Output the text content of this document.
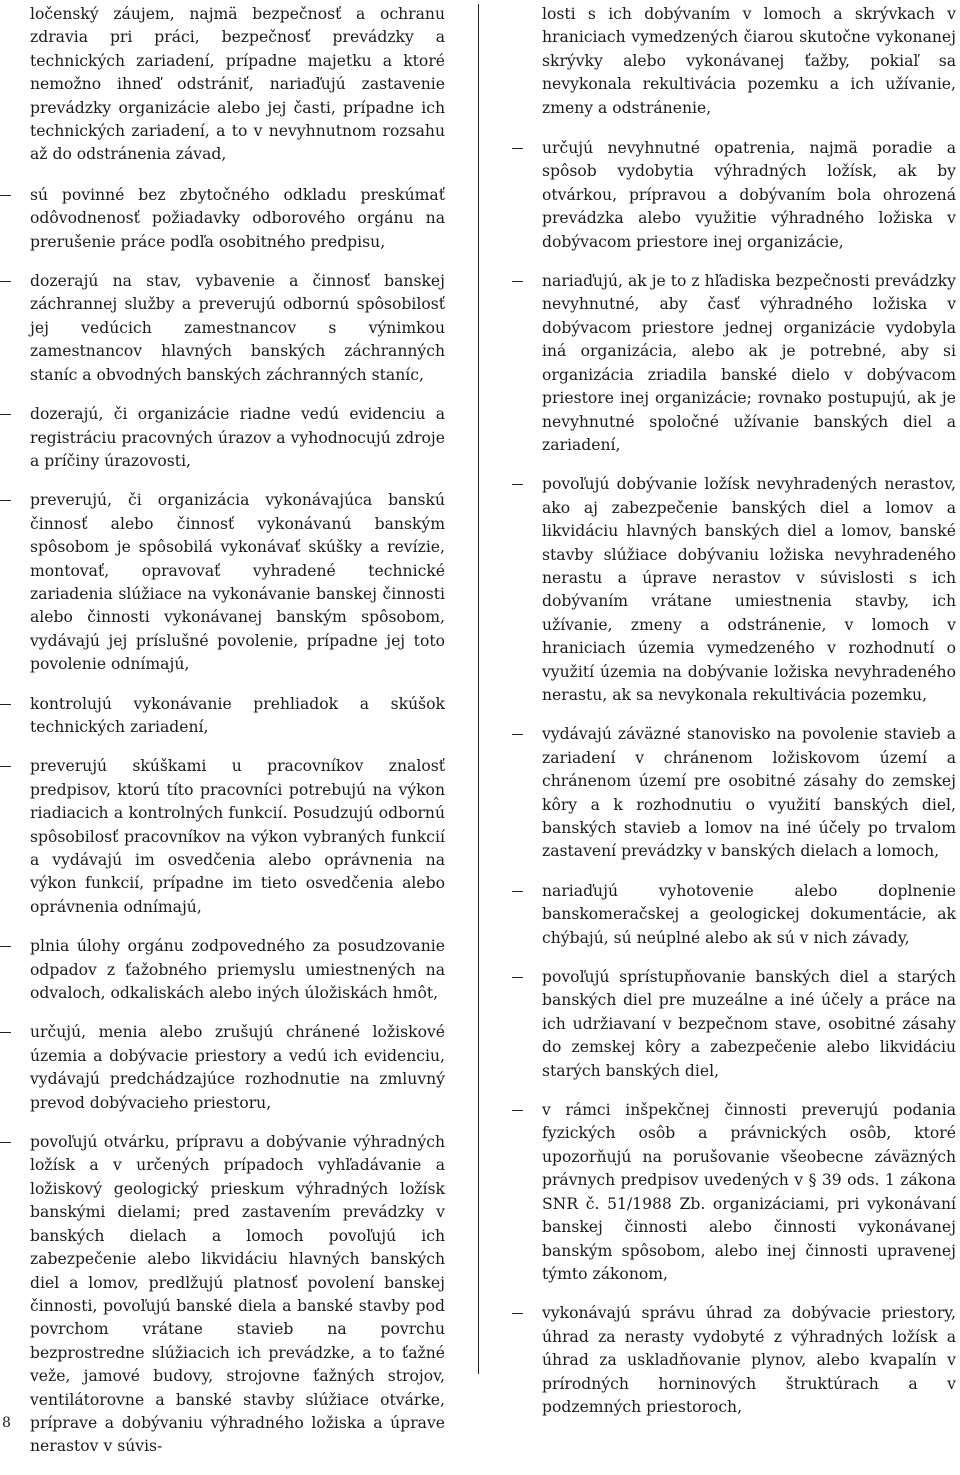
ločenský záujem, najmä bezpečnosť a ochranu zdravia pri práci, bezpečnosť prevádzky a technických zariadení, prípadne majetku a ktoré nemožno ihneď odstrániť, nariaďujú zastavenie prevádzky organizácie alebo jej časti, prípadne ich technických zariadení, a to v nevyhnutnom rozsahu až do odstránenia závad,

sú povinné bez zbytočného odkladu preskúmať odôvodnenosť požiadavky odborového orgánu na prerušenie práce podľa osobitného predpisu,
dozerajú na stav, vybavenie a činnosť banskej záchrannej služby a preverujú odbornú spôsobilosť jej vedúcich zamestnancov s výnimkou zamestnancov hlavných banských záchranných staníc a obvodných banských záchranných staníc,
dozerajú, či organizácie riadne vedú evidenciu a registráciu pracovných úrazov a vyhodnocujú zdroje a príčiny úrazovosti,
preverujú, či organizácia vykonávajúca banskú činnosť alebo činnosť vykonávanú banským spôsobom je spôsobilá vykonávať skúšky a revízie, montovať, opravovať vyhradené technické zariadenia slúžiace na vykonávanie banskej činnosti alebo činnosti vykonávanej banským spôsobom, vydávajú jej príslušné povolenie, prípadne jej toto povolenie odnímajú,
kontrolujú vykonávanie prehliadok a skúšok technických zariadení,
preverujú skúškami u pracovníkov znalosť predpisov, ktorú títo pracovníci potrebujú na výkon riadiacich a kontrolných funkcií. Posudzujú odbornú spôsobilosť pracovníkov na výkon vybraných funkcií a vydávajú im osvedčenia alebo oprávnenia na výkon funkcií, prípadne im tieto osvedčenia alebo oprávnenia odnímajú,
plnia úlohy orgánu zodpovedného za posudzovanie odpadov z ťažobného priemyslu umiestnených na odvaloch, odkaliskách alebo iných úložiskách hmôt,
určujú, menia alebo zrušujú chránené ložiskové územia a dobývacie priestory a vedú ich evidenciu, vydávajú predchádzajúce rozhodnutie na zmluvný prevod dobývacieho priestoru,
povoľujú otvárku, prípravu a dobývanie výhradných ložísk a v určených prípadoch vyhľadávanie a ložiskový geologický prieskum výhradných ložísk banskými dielami; pred zastavením prevádzky v banských dielach a lomoch povoľujú ich zabezpečenie alebo likvidáciu hlavných banských diel a lomov, predlžujú platnosť povolení banskej činnosti, povoľujú banské diela a banské stavby pod povrchom vrátane stavieb na povrchu bezprostredne slúžiacich ich prevádzke, a to ťažné veže, jamové budovy, strojovne ťažných strojov, ventilátorovne a banské stavby slúžiace otvárke, príprave a dobývaniu výhradného ložiska a úprave nerastov v súvis-

losti s ich dobývaním v lomoch a skrývkach v hraniciach vymedzených čiarou skutočne vykonanej skrývky alebo vykonávanej ťažby, pokiaľ sa nevykonala rekultivácia pozemku a ich užívanie, zmeny a odstránenie,

určujú nevyhnutné opatrenia, najmä poradie a spôsob vydobytia výhradných ložísk, ak by otvárkou, prípravou a dobývaním bola ohrozená prevádzka alebo využitie výhradného ložiska v dobývacom priestore inej organizácie,
nariaďujú, ak je to z hľadiska bezpečnosti prevádzky nevyhnutné, aby časť výhradného ložiska v dobývacom priestore jednej organizácie vydobyla iná organizácia, alebo ak je potrebné, aby si organizácia zriadila banské dielo v dobývacom priestore inej organizácie; rovnako postupujú, ak je nevyhnutné spoločné užívanie banských diel a zariadení,
povoľujú dobývanie ložísk nevyhradených nerastov, ako aj zabezpečenie banských diel a lomov a likvidáciu hlavných banských diel a lomov, banské stavby slúžiace dobývaniu ložiska nevyhradeného nerastu a úprave nerastov v súvislosti s ich dobývaním vrátane umiestnenia stavby, ich užívanie, zmeny a odstránenie, v lomoch v hraniciach územia vymedzeného v rozhodnutí o využití územia na dobývanie ložiska nevyhradeného nerastu, ak sa nevykonala rekultivácia pozemku,
vydávajú záväzné stanovisko na povolenie stavieb a zariadení v chránenom ložiskovom území a chránenom území pre osobitné zásahy do zemskej kôry a k rozhodnutiu o využití banských diel, banských stavieb a lomov na iné účely po trvalom zastavení prevádzky v banských dielach a lomoch,
nariaďujú vyhotovenie alebo doplnenie banskomeračskej a geologickej dokumentácie, ak chýbajú, sú neúplné alebo ak sú v nich závady,
povoľujú sprístupňovanie banských diel a starých banských diel pre muzeálne a iné účely a práce na ich udržiavaní v bezpečnom stave, osobitné zásahy do zemskej kôry a zabezpečenie alebo likvidáciu starých banských diel,
v rámci inšpekčnej činnosti preverujú podania fyzických osôb a právnických osôb, ktoré upozorňujú na porušovanie všeobecne záväzných právnych predpisov uvedených v § 39 ods. 1 zákona SNR č. 51/1988 Zb. organizáciami, pri vykonávaní banskej činnosti alebo činnosti vykonávanej banským spôsobom, alebo inej činnosti upravenej týmto zákonom,
vykonávajú správu úhrad za dobývacie priestory, úhrad za nerasty vydobyté z výhradných ložísk a úhrad za uskladňovanie plynov, alebo kvapalín v prírodných horninových štruktúrach a v podzemných priestoroch,
8
